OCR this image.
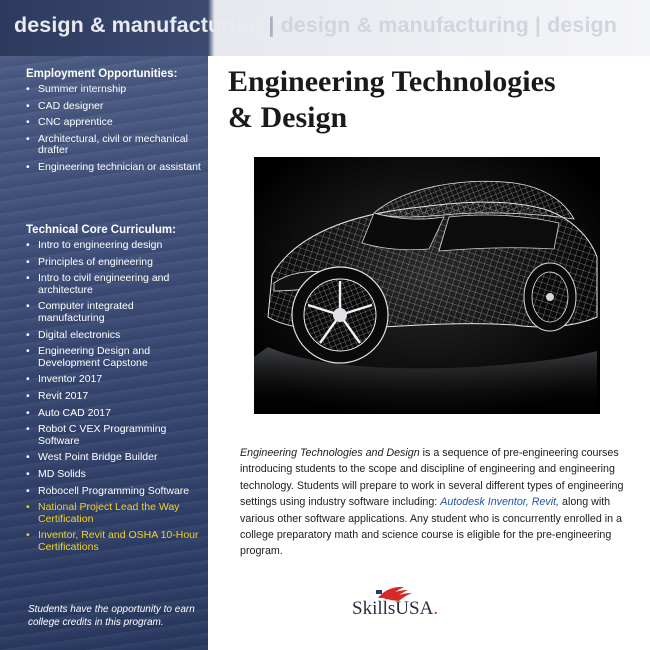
design & manufacturing | design & manufacturing | design
Employment Opportunities:
• Summer internship
• CAD designer
• CNC apprentice
• Architectural, civil or mechanical drafter
• Engineering technician or assistant
Technical Core Curriculum:
• Intro to engineering design
• Principles of engineering
• Intro to civil engineering and architecture
• Computer integrated manufacturing
• Digital electronics
• Engineering Design and Development Capstone
• Inventor 2017
• Revit 2017
• Auto CAD 2017
• Robot C VEX Programming Software
• West Point Bridge Builder
• MD Solids
• Robocell Programming Software
• National Project Lead the Way Certification
• Inventor, Revit and OSHA 10-Hour Certifications
Students have the opportunity to earn college credits in this program.
Engineering Technologies
& Design
Engineering Technologies and Design is a sequence of pre-engineering courses introducing students to the scope and discipline of engineering and engineering technology. Students will prepare to work in several different types of engineering settings using industry software including: Autodesk Inventor, Revit, along with various other software applications. Any student who is concurrently enrolled in a college preparatory math and science course is eligible for the pre-engineering program.
SkillsUSA.
